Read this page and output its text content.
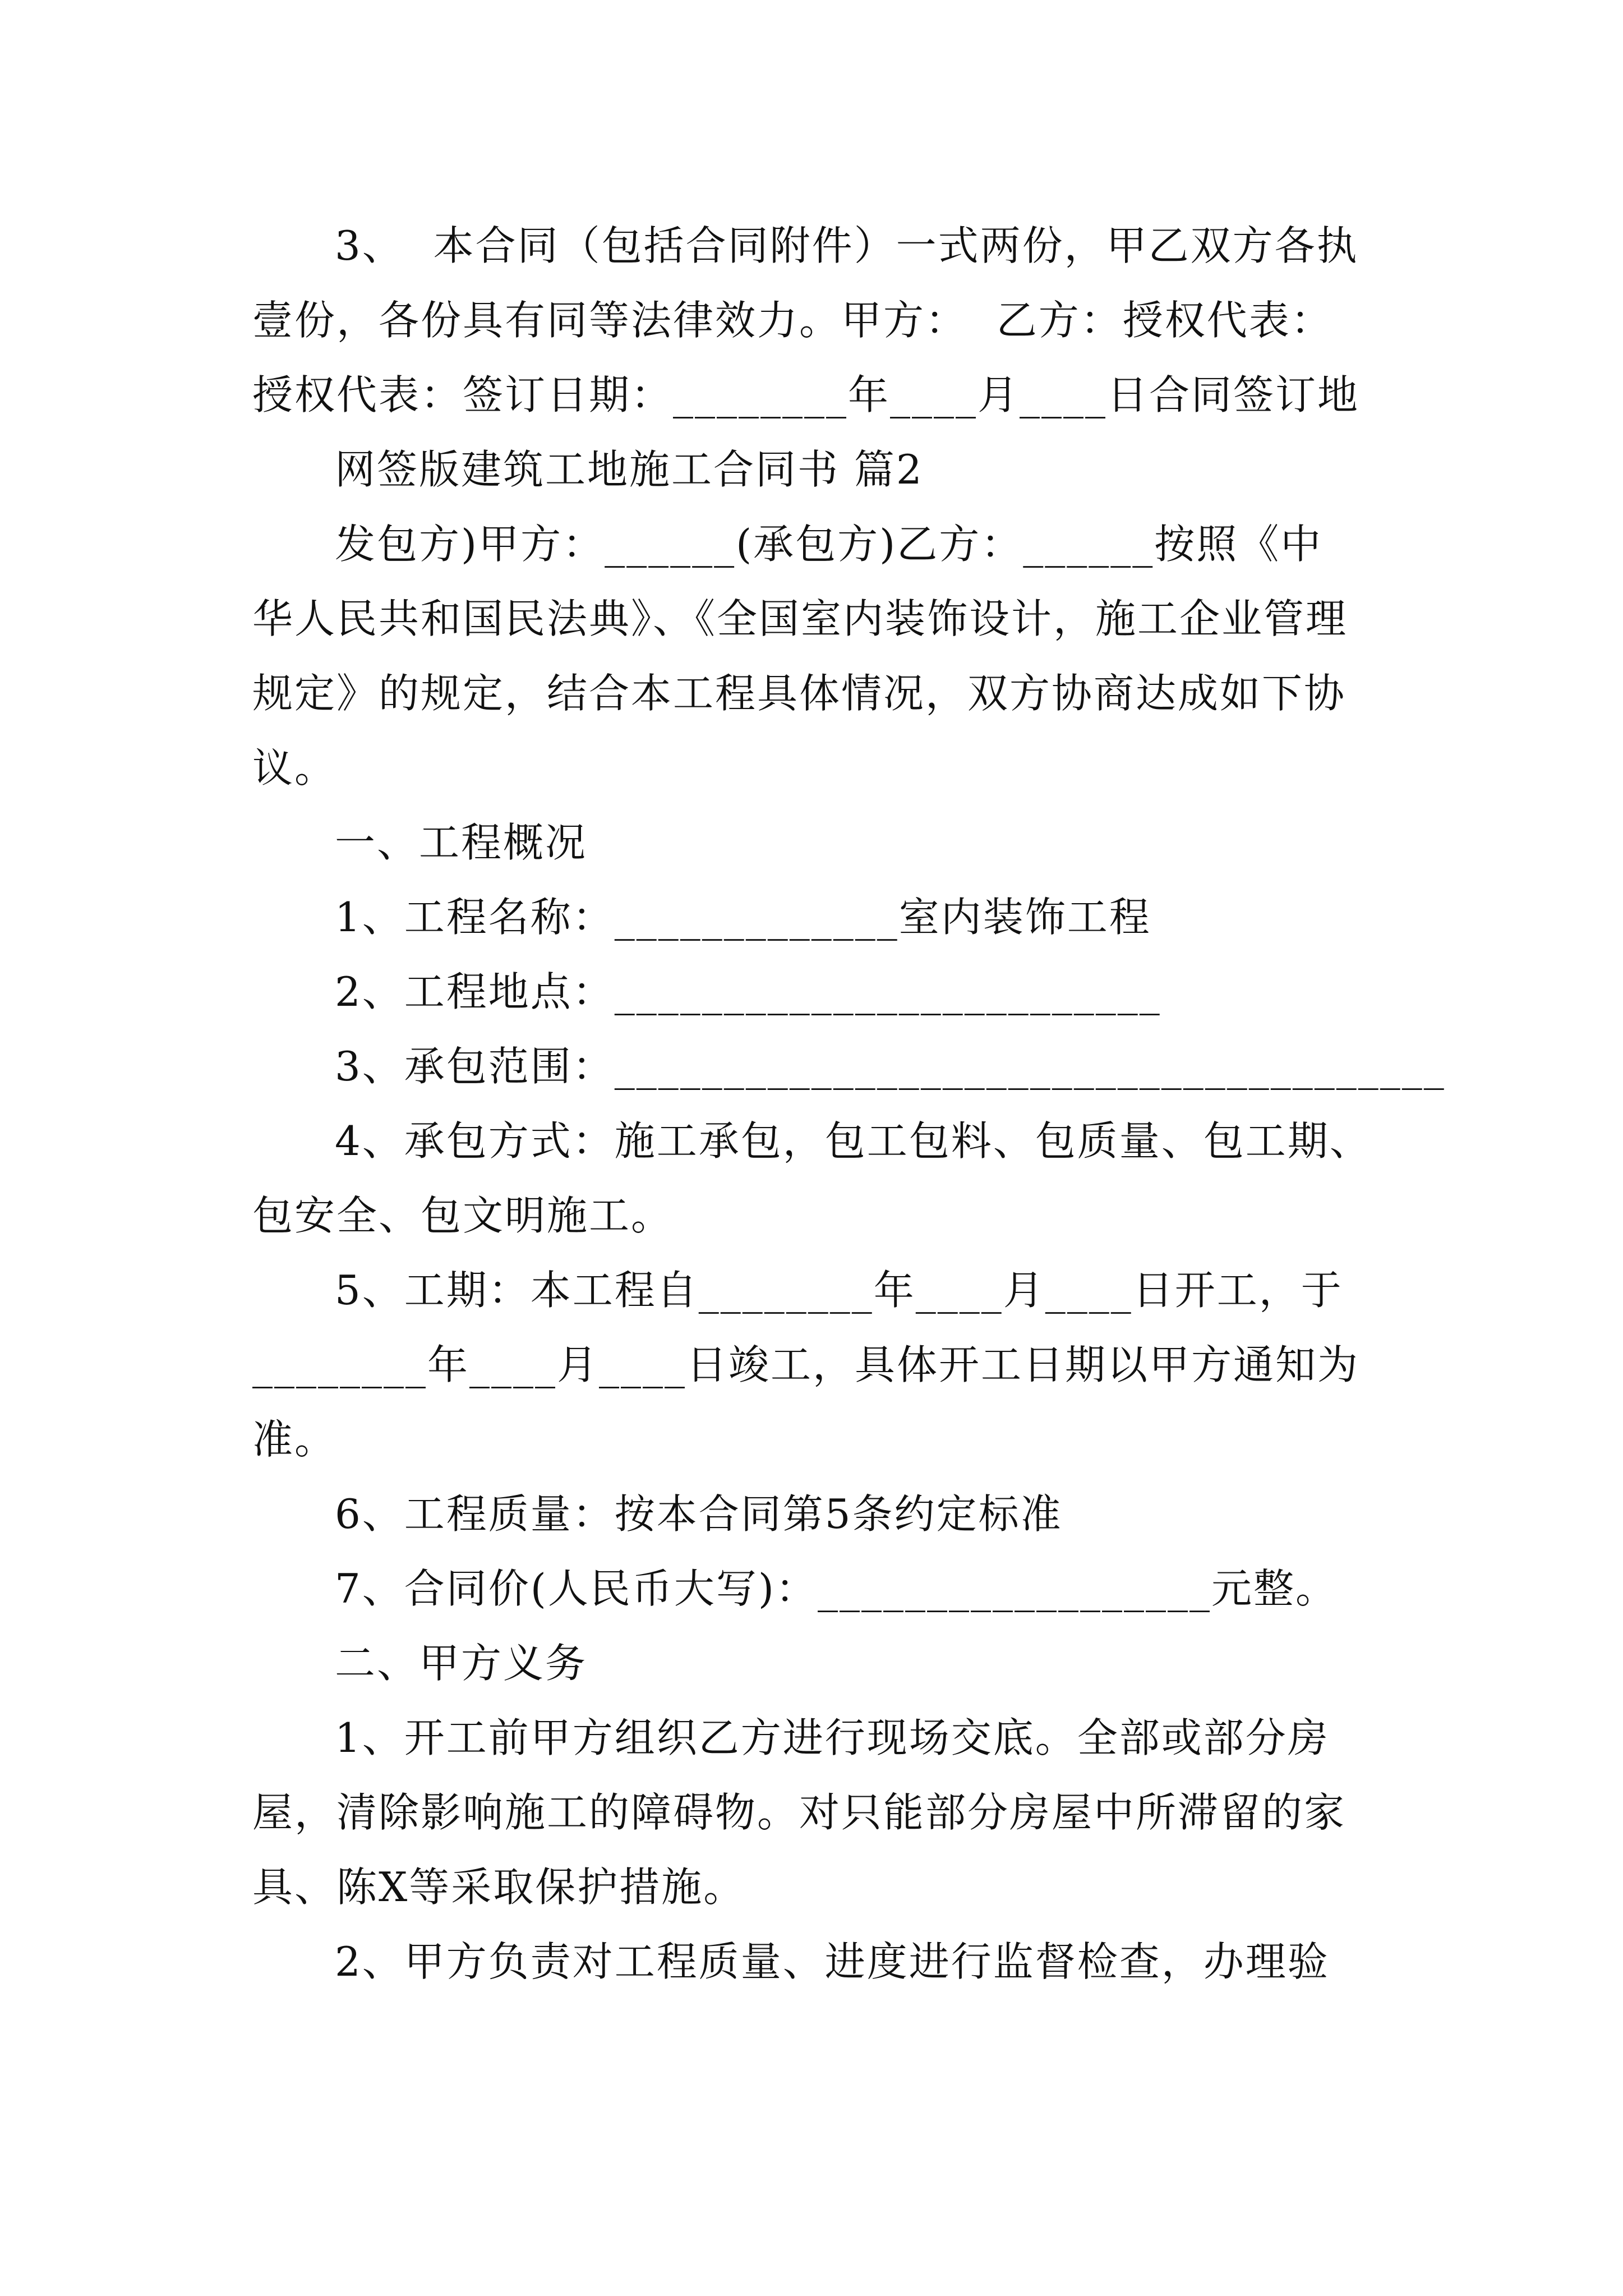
3、  本合同（包括合同附件）一式两份，甲乙双方各执
壹份，各份具有同等法律效力。甲方：  乙方：授权代表：
授权代表：签订日期：________年____月____日合同签订地
网签版建筑工地施工合同书 篇2
发包方)甲方：______(承包方)乙方：______按照《中
华人民共和国民法典》、《全国室内装饰设计，施工企业管理
规定》的规定，结合本工程具体情况，双方协商达成如下协
议。
一、工程概况
1、工程名称：_____________室内装饰工程
2、工程地点：_________________________
3、承包范围：______________________________________
4、承包方式：施工承包，包工包料、包质量、包工期、
包安全、包文明施工。
5、工期：本工程自________年____月____日开工，于
________年____月____日竣工，具体开工日期以甲方通知为
准。
6、工程质量：按本合同第5条约定标准
7、合同价(人民币大写)：__________________元整。
二、甲方义务
1、开工前甲方组织乙方进行现场交底。全部或部分房
屋，清除影响施工的障碍物。对只能部分房屋中所滞留的家
具、陈X等采取保护措施。
2、甲方负责对工程质量、进度进行监督检查，办理验
